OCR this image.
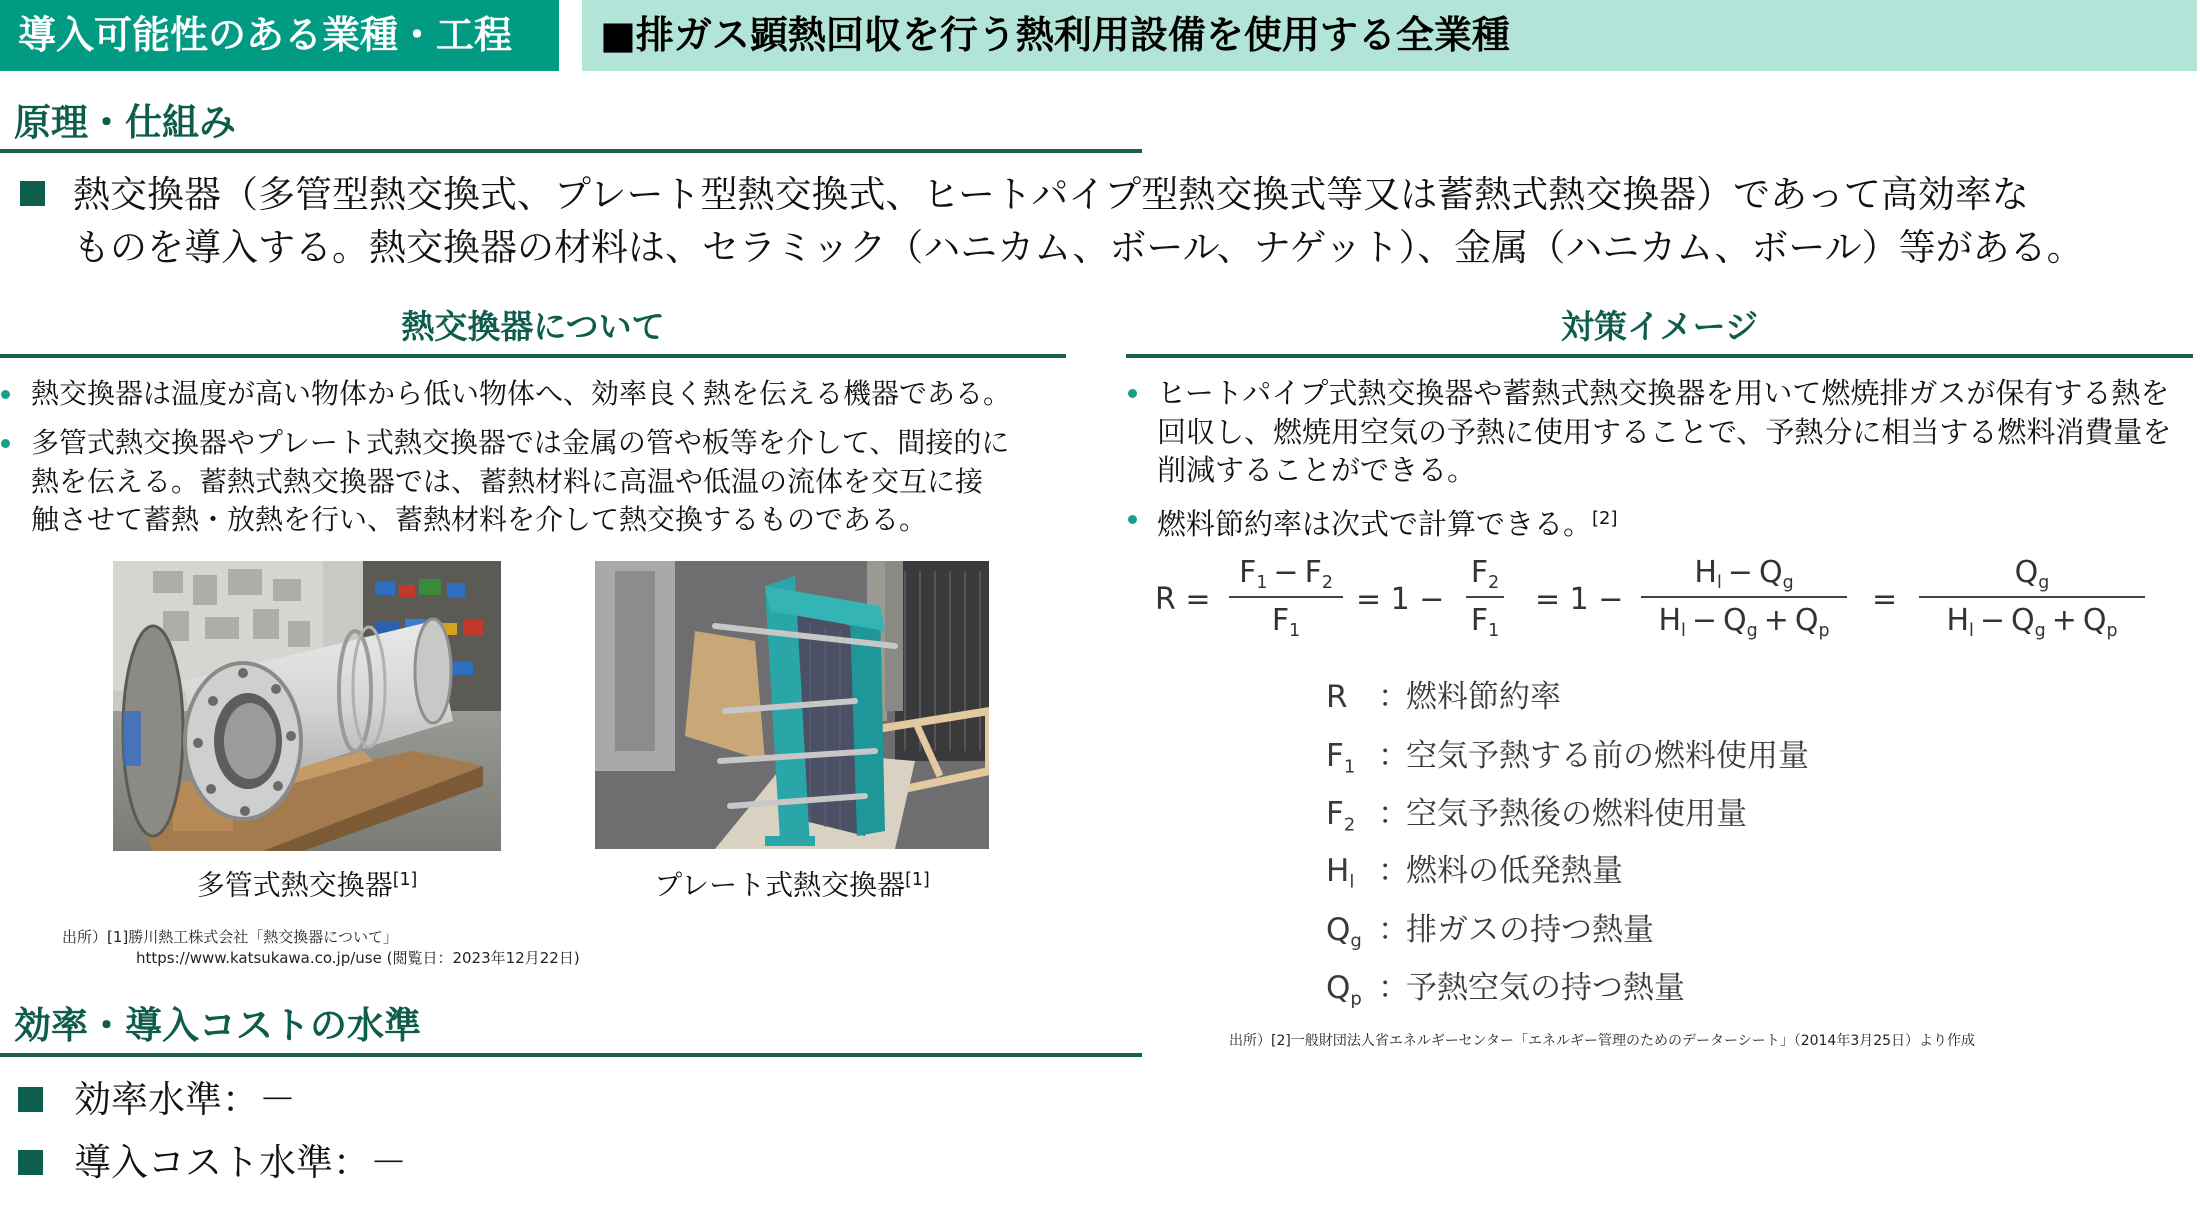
導入可能性のある業種・工程 ■排ガス顕熱回収を行う熱利用設備を使用する全業種
原理・仕組み
熱交換器（多管型熱交換式、プレート型熱交換式、ヒートパイプ型熱交換式等又は蓄熱式熱交換器）であって高効率な
ものを導入する。熱交換器の材料は、セラミック（ハニカム、ボール、ナゲット）、金属（ハニカム、ボール）等がある。
熱交換器について
熱交換器は温度が高い物体から低い物体へ、効率良く熱を伝える機器である。
多管式熱交換器やプレート式熱交換器では金属の管や板等を介して、間接的に
熱を伝える。蓄熱式熱交換器では、蓄熱材料に高温や低温の流体を交互に接
触させて蓄熱・放熱を行い、蓄熱材料を介して熱交換するものである。
多管式熱交換器[1]	プレート式熱交換器[1]
出所）[1]勝川熱工株式会社「熱交換器について」
https://www.katsukawa.co.jp/use (閲覧日：2023年12月22日)
効率・導入コストの水準
効率水準：－
導入コスト水準：－
対策イメージ
ヒートパイプ式熱交換器や蓄熱式熱交換器を用いて燃焼排ガスが保有する熱を
回収し、燃焼用空気の予熱に使用することで、予熱分に相当する燃料消費量を
削減することができる。
燃料節約率は次式で計算できる。[2]
R =
$F_1 - F_2$
$F_1$
= 1 −
$F_2$
$F_1$
= 1 −
$H_l - Q_g$
$H_l - Q_g + Q_p$
=
$Q_g$
$H_l - Q_g + Q_p$
R ：
燃料節約率
$F_1$ ：
空気予熱する前の燃料使用量
$F_2$ ：
空気予熱後の燃料使用量
$H_l$ ：
燃料の低発熱量
$Q_g$ ：
排ガスの持つ熱量
$Q_p$ ：
予熱空気の持つ熱量
出所）[2]一般財団法人省エネルギーセンター「エネルギー管理のためのデーターシート」（2014年3月25日）より作成
